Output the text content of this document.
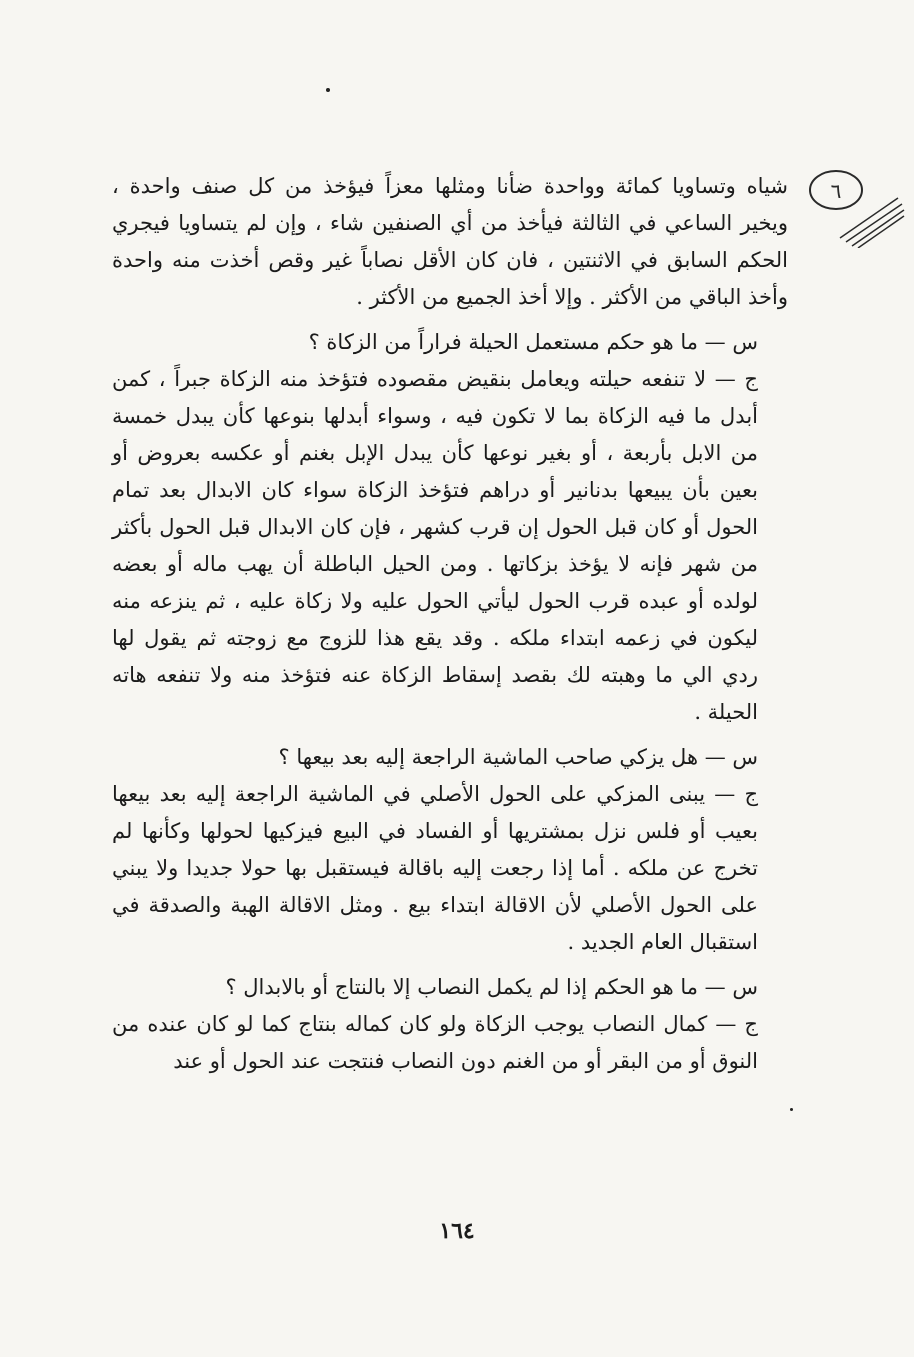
٦

شياه وتساويا كمائة وواحدة ضأنا ومثلها معزاً فيؤخذ من كل صنف واحدة ، ويخير الساعي في الثالثة فيأخذ من أي الصنفين شاء ، وإن لم يتساويا فيجري الحكم السابق في الاثنتين ، فان كان الأقل نصاباً غير وقص أخذت منه واحدة وأخذ الباقي من الأكثر . وإلا أخذ الجميع من الأكثر .

س — ما هو حكم مستعمل الحيلة فراراً من الزكاة ؟

ج — لا تنفعه حيلته ويعامل بنقيض مقصوده فتؤخذ منه الزكاة جبراً ، كمن أبدل ما فيه الزكاة بما لا تكون فيه ، وسواء أبدلها بنوعها كأن يبدل خمسة من الابل بأربعة ، أو بغير نوعها كأن يبدل الإبل بغنم أو عكسه بعروض أو بعين بأن يبيعها بدنانير أو دراهم فتؤخذ الزكاة سواء كان الابدال بعد تمام الحول أو كان قبل الحول إن قرب كشهر ، فإن كان الابدال قبل الحول بأكثر من شهر فإنه لا يؤخذ بزكاتها . ومن الحيل الباطلة أن يهب ماله أو بعضه لولده أو عبده قرب الحول ليأتي الحول عليه ولا زكاة عليه ، ثم ينزعه منه ليكون في زعمه ابتداء ملكه . وقد يقع هذا للزوج مع زوجته ثم يقول لها ردي الي ما وهبته لك بقصد إسقاط الزكاة عنه فتؤخذ منه ولا تنفعه هاته الحيلة .

س — هل يزكي صاحب الماشية الراجعة إليه بعد بيعها ؟

ج — يبنى المزكي على الحول الأصلي في الماشية الراجعة إليه بعد بيعها بعيب أو فلس نزل بمشتريها أو الفساد في البيع فيزكيها لحولها وكأنها لم تخرج عن ملكه . أما إذا رجعت إليه باقالة فيستقبل بها حولا جديدا ولا يبني على الحول الأصلي لأن الاقالة ابتداء بيع . ومثل الاقالة الهبة والصدقة في استقبال العام الجديد .

س — ما هو الحكم إذا لم يكمل النصاب إلا بالنتاج أو بالابدال ؟

ج — كمال النصاب يوجب الزكاة ولو كان كماله بنتاج كما لو كان عنده من النوق أو من البقر أو من الغنم دون النصاب فنتجت عند الحول أو عند

١٦٤
